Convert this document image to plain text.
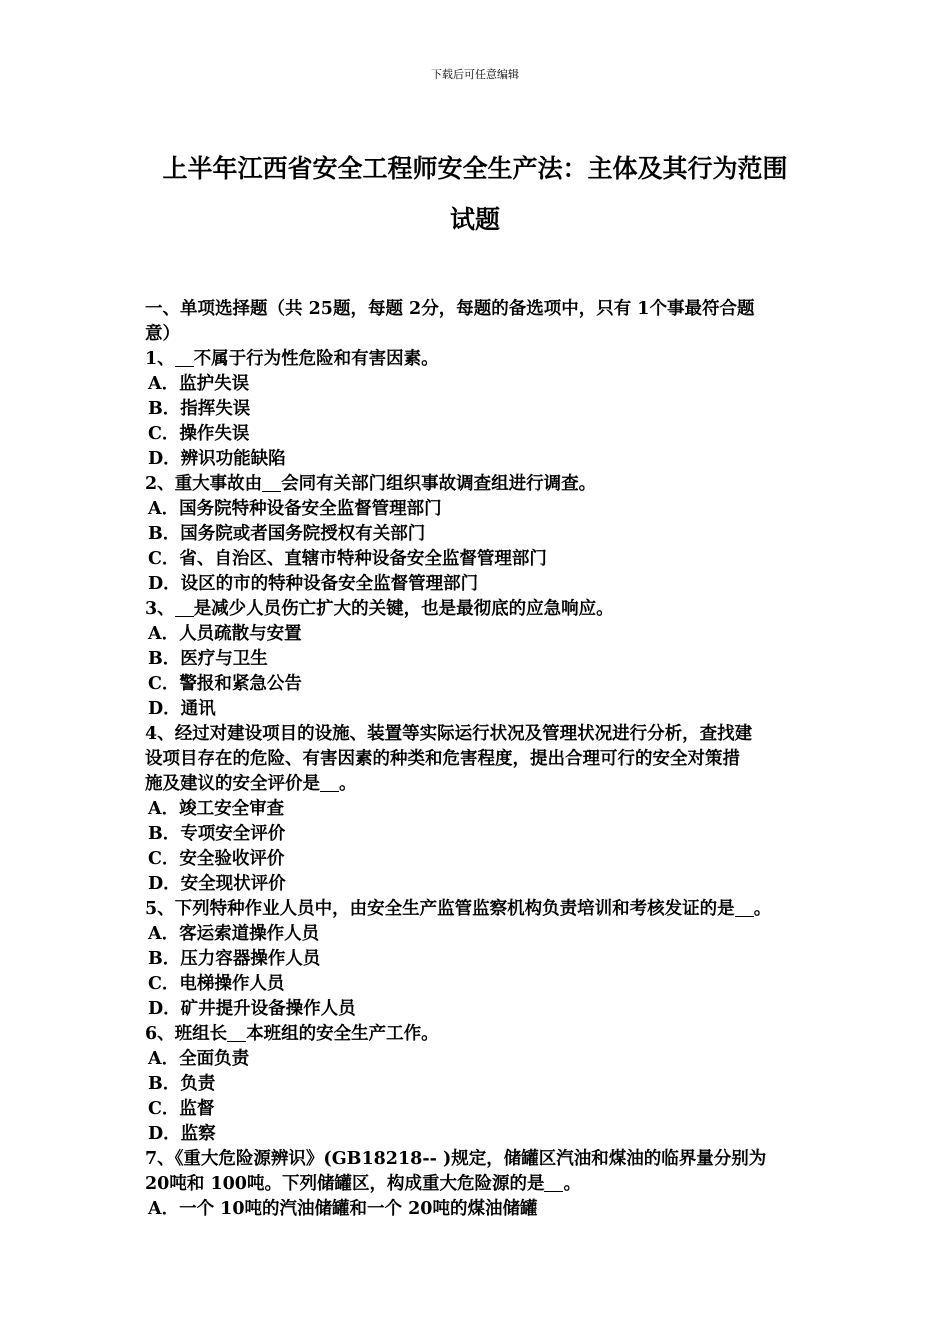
下载后可任意编辑
上半年江西省安全工程师安全生产法：主体及其行为范围
试题
一、单项选择题（共 25题，每题 2分，每题的备选项中，只有 1个事最符合题
意）
1、 不属于行为性危险和有害因素。
A．监护失误
B．指挥失误
C．操作失误
D．辨识功能缺陷
2、重大事故由 会同有关部门组织事故调查组进行调查。
A．国务院特种设备安全监督管理部门
B．国务院或者国务院授权有关部门
C．省、自治区、直辖市特种设备安全监督管理部门
D．设区的市的特种设备安全监督管理部门
3、 是减少人员伤亡扩大的关键，也是最彻底的应急响应。
A．人员疏散与安置
B．医疗与卫生
C．警报和紧急公告
D．通讯
4、经过对建设项目的设施、装置等实际运行状况及管理状况进行分析，查找建
设项目存在的危险、有害因素的种类和危害程度，提出合理可行的安全对策措
施及建议的安全评价是 。
A．竣工安全审查
B．专项安全评价
C．安全验收评价
D．安全现状评价
5、下列特种作业人员中，由安全生产监管监察机构负责培训和考核发证的是 。
A．客运索道操作人员
B．压力容器操作人员
C．电梯操作人员
D．矿井提升设备操作人员
6、班组长 本班组的安全生产工作。
A．全面负责
B．负责
C．监督
D．监察
7、《重大危险源辨识》(GB18218-- )规定，储罐区汽油和煤油的临界量分别为
20吨和 100吨。下列储罐区，构成重大危险源的是 。
A．一个 10吨的汽油储罐和一个 20吨的煤油储罐
